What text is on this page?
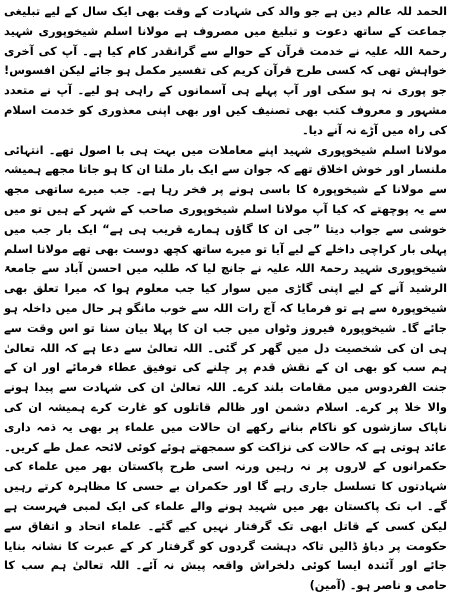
الحمد للہ عالم دین ہے جو والد کی شہادت کے وقت بھی ایک سال کے لیے تبلیغی جماعت کے ساتھ دعوت و تبلیغ میں مصروف ہے مولانا اسلم شیخوپوری شہید رحمۃ اللہ علیہ نے خدمت قرآن کے حوالے سے گرانقدر کام کیا ہے۔ آپ کی آخری خواہش تھی کہ کسی طرح قرآن کریم کی تفسیر مکمل ہو جائے لیکن افسوس! جو پوری نہ ہو سکی اور آپ پہلے ہی آسمانوں کے راہی ہو لیے۔ آپ نے متعدد مشہور و معروف کتب بھی تصنیف کیں اور بھی اپنی معذوری کو خدمت اسلام کی راہ میں آڑے نہ آنے دیا۔

مولانا اسلم شیخوپوری شہید اپنے معاملات میں بہت ہی با اصول تھے۔ انتہائی ملنسار اور خوش اخلاق تھے کہ جوان سے ایک بار ملتا ان کا ہو جاتا مجھے ہمیشہ سے مولانا کے شیخوپورہ کا باسی ہونے پر فخر رہا ہے۔ جب میرے ساتھی مجھ سے یہ پوچھتے کہ کیا آپ مولانا اسلم شیخوپوری صاحب کے شہر کے ہیں تو میں خوشی سے جواب دیتا ”جی ان کا گاؤں ہمارے قریب ہی ہے“ ایک بار جب میں پہلی بار کراچی داخلے کے لیے آیا تو میرے ساتھ کچھ دوست بھی تھے مولانا اسلم شیخوپوری شہید رحمۃ اللہ علیہ نے جانچ لیا کہ طلبہ میں احسن آباد سے جامعۃ الرشید آنے کے لیے اپنی گاڑی میں سوار کیا جب معلوم ہوا کہ میرا تعلق بھی شیخوپورہ سے ہے تو فرمایا کہ آج رات اللہ سے خوب مانگو ہر حال میں داخلہ ہو جائے گا۔ شیخوپورہ فیروز وٹواں میں جب ان کا پہلا بیان سنا تو اس وقت سے ہی ان کی شخصیت دل میں گھر کر گئی۔ اللہ تعالیٰ سے دعا ہے کہ اللہ تعالیٰ ہم سب کو بھی ان کے نقش قدم پر چلنے کی توفیق عطاء فرمائے اور ان کے جنت الفردوس میں مقامات بلند کرے۔ اللہ تعالیٰ ان کی شہادت سے پیدا ہونے والا خلا پر کرے۔ اسلام دشمن اور ظالم قاتلوں کو غارت کرے ہمیشہ ان کی ناپاک سازشوں کو ناکام بنانے رکھے ان حالات میں علماء پر بھی یہ ذمہ داری عائد ہوتی ہے کہ حالات کی نزاکت کو سمجھتے ہوئے کوئی لائحہ عمل طے کریں۔ حکمرانوں کے لاروں پر نہ رہیں ورنہ اسی طرح پاکستان بھر میں علماء کی شہادتوں کا تسلسل جاری رہے گا اور حکمران بے حسی کا مظاہرہ کرتے رہیں گے۔ اب تک پاکستان بھر میں شہید ہونے والے علماء کی ایک لمبی فہرست ہے لیکن کسی کے قاتل ابھی تک گرفتار نہیں کیے گئے۔ علماء اتحاد و اتفاق سے حکومت پر دباؤ ڈالیں تاکہ دہشت گردوں کو گرفتار کر کے عبرت کا نشانہ بنایا جائے اور آئندہ ایسا کوئی دلخراش واقعہ پیش نہ آئے۔ اللہ تعالیٰ ہم سب کا حامی و ناصر ہو۔ (آمین)
